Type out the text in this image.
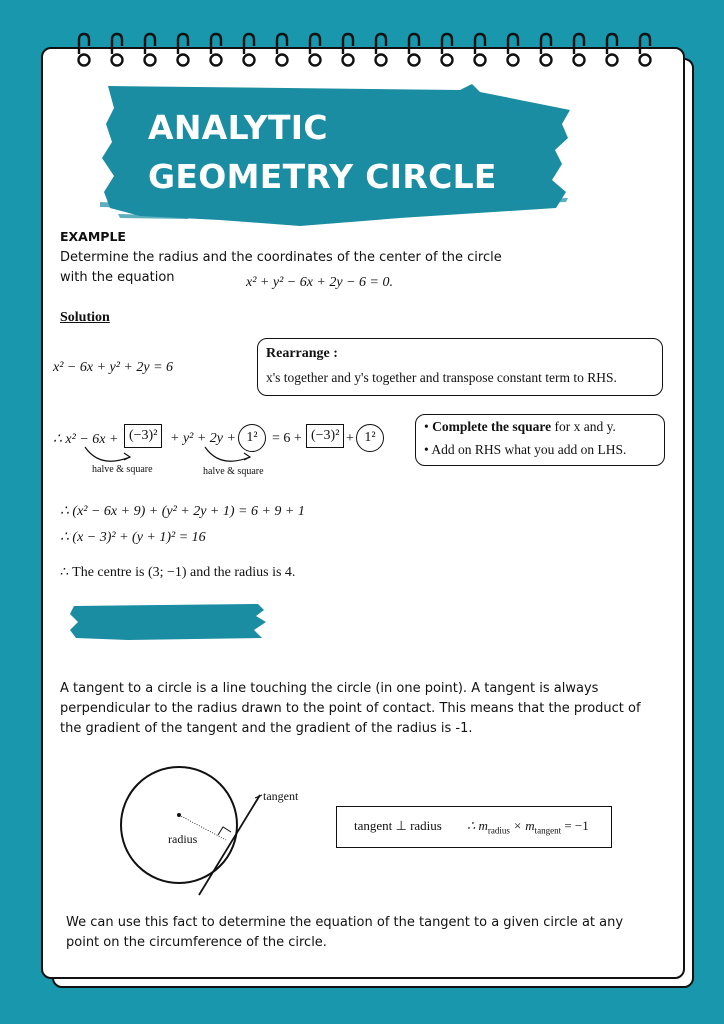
ANALYTIC
GEOMETRY CIRCLE
EXAMPLE
Determine the radius and the coordinates of the center of the circle
with the equation	x² + y² − 6x + 2y − 6 = 0.
Solution
x² − 6x + y² + 2y = 6
Rearrange :
x's together and y's together and transpose constant term to RHS.
∴ x² − 6x + (−3)² + y² + 2y + 1²	= 6 + (−3)² + 1²
halve & square	halve & square
• Complete the square for x and y.
• Add on RHS what you add on LHS.
∴ (x² − 6x + 9) + (y² + 2y + 1) = 6 + 9 + 1
∴ (x − 3)² + (y + 1)² = 16
∴ The centre is (3; −1) and the radius is 4.
A tangent to a circle is a line touching the circle (in one point). A tangent is always perpendicular to the radius drawn to the point of contact. This means that the product of the gradient of the tangent and the gradient of the radius is -1.
tangent
radius
tangent ⊥ radius ∴ $m_{radius} \times m_{tangent} = -1$
We can use this fact to determine the equation of the tangent to a given circle at any point on the circumference of the circle.
